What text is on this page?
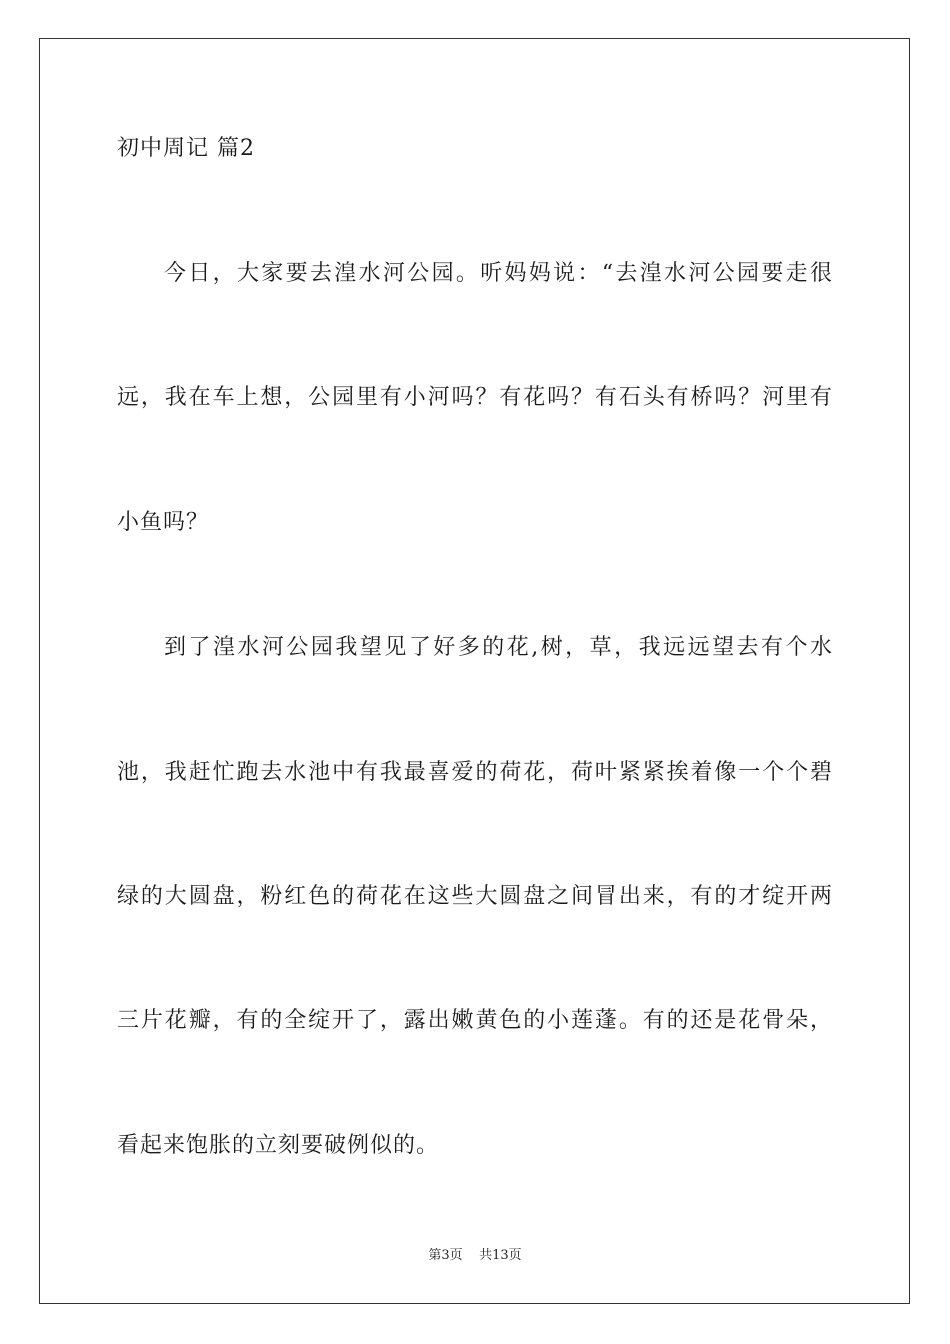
初中周记 篇2
今日，大家要去湟水河公园。听妈妈说：“去湟水河公园要走很
远，我在车上想，公园里有小河吗？有花吗？有石头有桥吗？河里有
小鱼吗？
到了湟水河公园我望见了好多的花,树，草，我远远望去有个水
池，我赶忙跑去水池中有我最喜爱的荷花，荷叶紧紧挨着像一个个碧
绿的大圆盘，粉红色的荷花在这些大圆盘之间冒出来，有的才绽开两
三片花瓣，有的全绽开了，露出嫩黄色的小莲蓬。有的还是花骨朵，
看起来饱胀的立刻要破例似的。
第3页 共13页
